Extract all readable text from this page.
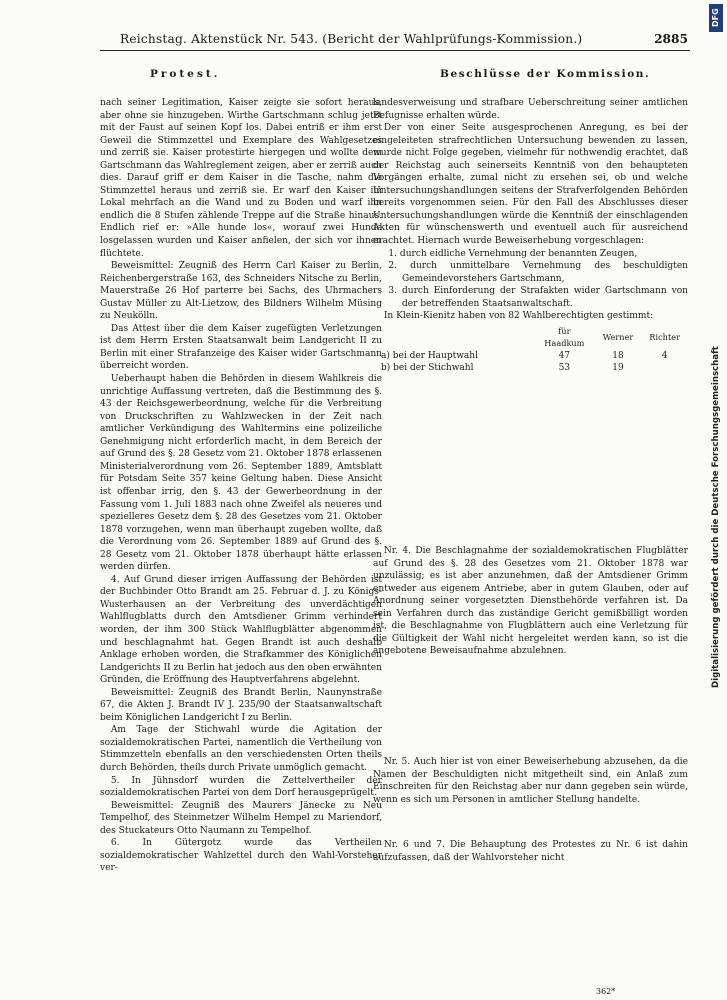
Reichstag. Aktenstück Nr. 543. (Bericht der Wahlprüfungs-Kommission.)	2885
DFG
Digitalisierung gefördert durch die Deutsche Forschungsgemeinschaft
Protest.	Beschlüsse der Kommission.

nach seiner Legitimation, Kaiser zeigte sie sofort heraus, aber ohne sie hinzugeben. Wirthe Gartschmann schlug jetzt mit der Faust auf seinen Kopf los. Dabei entriß er ihm erst Geweil die Stimmzettel und Exemplare des Wahlgesetzes und zerriß sie. Kaiser protestirte hiergegen und wollte dem Gartschmann das Wahlreglement zeigen, aber er zerriß auch dies. Darauf griff er dem Kaiser in die Tasche, nahm die Stimmzettel heraus und zerriß sie. Er warf den Kaiser im Lokal mehrfach an die Wand und zu Boden und warf ihn endlich die 8 Stufen zählende Treppe auf die Straße hinaus. Endlich rief er: »Alle hunde los«, worauf zwei Hunde losgelassen wurden und Kaiser anfielen, der sich vor ihnen flüchtete.

Beweismittel: Zeugniß des Herrn Carl Kaiser zu Berlin, Reichenbergerstraße 163, des Schneiders Nitsche zu Berlin, Mauerstraße 26 Hof parterre bei Sachs, des Uhrmachers Gustav Müller zu Alt-Lietzow, des Bildners Wilhelm Müsing zu Neukölln.

Das Attest über die dem Kaiser zugefügten Verletzungen ist dem Herrn Ersten Staatsanwalt beim Landgericht II zu Berlin mit einer Strafanzeige des Kaiser wider Gartschmann überreicht worden.

Ueberhaupt haben die Behörden in diesem Wahlkreis die unrichtige Auffassung vertreten, daß die Bestimmung des §. 43 der Reichsgewerbeordnung, welche für die Verbreitung von Druckschriften zu Wahlzwecken in der Zeit nach amtlicher Verkündigung des Wahltermins eine polizeiliche Genehmigung nicht erforderlich macht, in dem Bereich der auf Grund des §. 28 Gesetz vom 21. Oktober 1878 erlassenen Ministerialverordnung vom 26. September 1889, Amtsblatt für Potsdam Seite 357 keine Geltung haben. Diese Ansicht ist offenbar irrig, den §. 43 der Gewerbeordnung in der Fassung vom 1. Juli 1883 nach ohne Zweifel als neueres und spezielleres Gesetz dem §. 28 des Gesetzes vom 21. Oktober 1878 vorzugehen, wenn man überhaupt zugeben wollte, daß die Verordnung vom 26. September 1889 auf Grund des §. 28 Gesetz vom 21. Oktober 1878 überhaupt hätte erlassen werden dürfen.

4. Auf Grund dieser irrigen Auffassung der Behörden ist der Buchbinder Otto Brandt am 25. Februar d. J. zu Königs-Wusterhausen an der Verbreitung des unverdächtigen Wahlflugblatts durch den Amtsdiener Grimm verhindert worden, der ihm 300 Stück Wahlflugblätter abgenommen und beschlagnahmt hat. Gegen Brandt ist auch deshalb Anklage erhoben worden, die Strafkammer des Königlichen Landgerichts II zu Berlin hat jedoch aus den oben erwähnten Gründen, die Eröffnung des Hauptverfahrens abgelehnt.

Beweismittel: Zeugniß des Brandt Berlin, Naunynstraße 67, die Akten J. Brandt IV J. 235/90 der Staatsanwaltschaft beim Königlichen Landgericht I zu Berlin.

Am Tage der Stichwahl wurde die Agitation der sozialdemokratischen Partei, namentlich die Vertheilung von Stimmzetteln ebenfalls an den verschiedensten Orten theils durch Behörden, theils durch Private unmöglich gemacht.

5. In Jühnsdorf wurden die Zettelvertheiler der sozialdemokratischen Partei von dem Dorf herausgeprügelt.

Beweismittel: Zeugniß des Maurers Jänecke zu Neu Tempelhof, des Steinmetzer Wilhelm Hempel zu Mariendorf, des Stuckateurs Otto Naumann zu Tempelhof.

6. In Gütergotz wurde das Vertheilen sozialdemokratischer Wahlzettel durch den Wahl-Vorsteher ver-

landesverweisung und strafbare Ueberschreitung seiner amtlichen Befugnisse erhalten würde.

Der von einer Seite ausgesprochenen Anregung, es bei der eingeleiteten strafrechtlichen Untersuchung bewenden zu lassen, wurde nicht Folge gegeben, vielmehr für nothwendig erachtet, daß der Reichstag auch seinerseits Kenntniß von den behaupteten Vorgängen erhalte, zumal nicht zu ersehen sei, ob und welche Untersuchungshandlungen seitens der Strafverfolgenden Behörden bereits vorgenommen seien. Für den Fall des Abschlusses dieser Untersuchungshandlungen würde die Kenntniß der einschlagenden Akten für wünschenswerth und eventuell auch für ausreichend erachtet. Hiernach wurde Beweiserhebung vorgeschlagen:

1. durch eidliche Vernehmung der benannten Zeugen,

2. durch unmittelbare Vernehmung des beschuldigten Gemeindevorstehers Gartschmann,

3. durch Einforderung der Strafakten wider Gartschmann von der betreffenden Staatsanwaltschaft.

In Klein-Kienitz haben von 82 Wahlberechtigten gestimmt:

	für Haadkum	Werner	Richter
a) bei der Hauptwahl	47	18	4
b) bei der Stichwahl	53	19	

Nr. 4. Die Beschlagnahme der sozialdemokratischen Flugblätter auf Grund des §. 28 des Gesetzes vom 21. Oktober 1878 war unzulässig; es ist aber anzunehmen, daß der Amtsdiener Grimm entweder aus eigenem Antriebe, aber in gutem Glauben, oder auf Anordnung seiner vorgesetzten Dienstbehörde verfahren ist. Da sein Verfahren durch das zuständige Gericht gemißbilligt worden ist, die Beschlagnahme von Flugblättern auch eine Verletzung für die Gültigkeit der Wahl nicht hergeleitet werden kann, so ist die angebotene Beweisaufnahme abzulehnen.

Nr. 5. Auch hier ist von einer Beweiserhebung abzusehen, da die Namen der Beschuldigten nicht mitgetheilt sind, ein Anlaß zum Einschreiten für den Reichstag aber nur dann gegeben sein würde, wenn es sich um Personen in amtlicher Stellung handelte.

Nr. 6 und 7. Die Behauptung des Protestes zu Nr. 6 ist dahin aufzufassen, daß der Wahlvorsteher nicht

362*
